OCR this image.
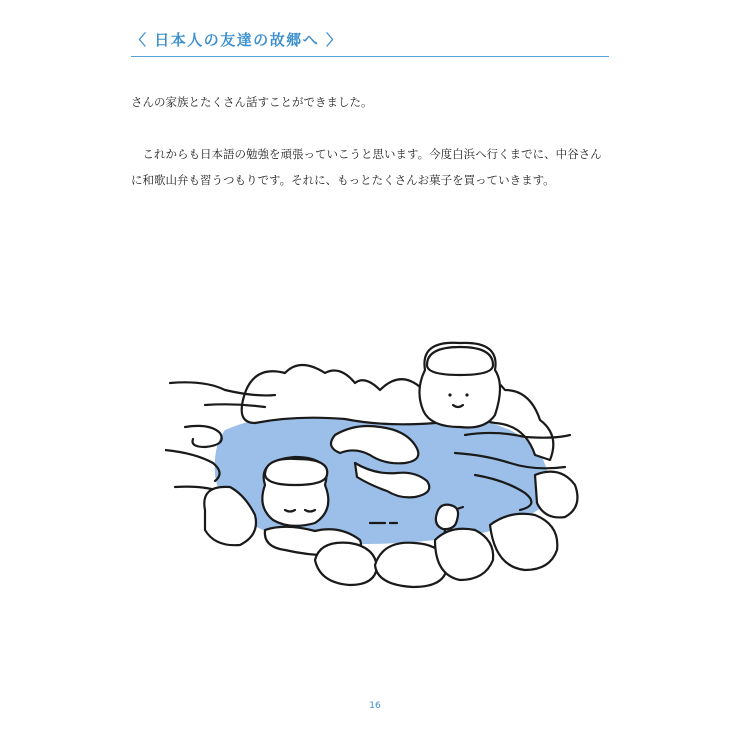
〈 日本人の友達の故郷へ 〉
さんの家族とたくさん話すことができました。
　これからも日本語の勉強を頑張っていこうと思います。今度白浜へ行くまでに、中谷さん
に和歌山弁も習うつもりです。それに、もっとたくさんお菓子を買っていきます。
16
